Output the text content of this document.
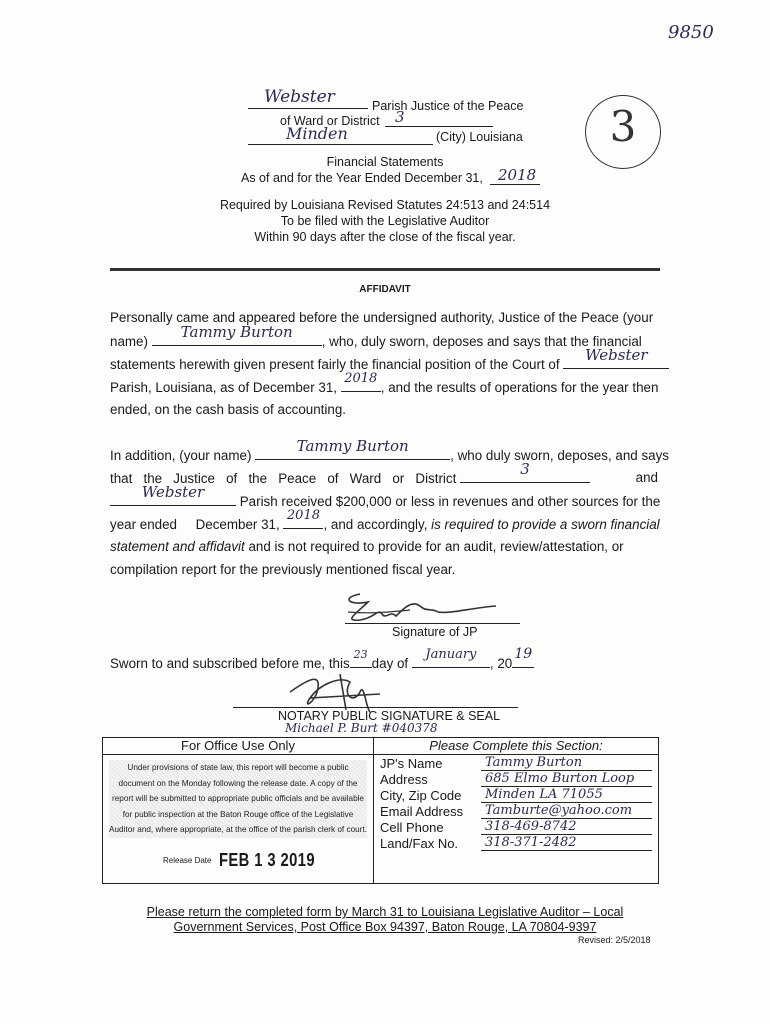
9850
3
Webster	Parish Justice of the Peace
of Ward or District 3
Minden	(City) Louisiana
Financial Statements
As of and for the Year Ended December 31, 2018
Required by Louisiana Revised Statutes 24:513 and 24:514
To be filed with the Legislative Auditor
Within 90 days after the close of the fiscal year.
AFFIDAVIT
Personally came and appeared before the undersigned authority, Justice of the Peace (your
name)
Tammy Burton
, who, duly sworn, deposes and says that the financial
statements herewith given present fairly the financial position of the Court of
Webster
Parish, Louisiana, as of December 31,
2018
, and the results of operations for the year then
ended, on the cash basis of accounting.
In addition, (your name)
Tammy Burton
, who duly sworn, deposes, and says
that   the   Justice   of   the   Peace   of   Ward   or   District
3	and
Webster
Parish received $200,000 or less in revenues and other sources for the
year ended     December 31,
2018
, and accordingly, is required to provide a sworn financial
statement and affidavit and is not required to provide for an audit, review/attestation, or
compilation report for the previously mentioned fiscal year.
Signature of JP
Sworn to and subscribed before me, this
23
day of
January
, 20
19
NOTARY PUBLIC SIGNATURE & SEAL
Michael P. Burt #040378
For Office Use Only
Under provisions of state law, this report will become a public document on the Monday following the release date. A copy of the report will be submitted to appropriate public officials and be available for public inspection at the Baton Rouge office of the Legislative Auditor and, where appropriate, at the office of the parish clerk of court.
Release Date FEB 1 3 2019
Please Complete this Section:
JP's Name	Tammy Burton
Address	685 Elmo Burton Loop
City, Zip Code Minden LA 71055
Email Address Tamburte@yahoo.com
Cell Phone	318-469-8742
Land/Fax No. 318-371-2482
Please return the completed form by March 31 to Louisiana Legislative Auditor – Local
Government Services, Post Office Box 94397, Baton Rouge, LA 70804-9397
Revised: 2/5/2018
